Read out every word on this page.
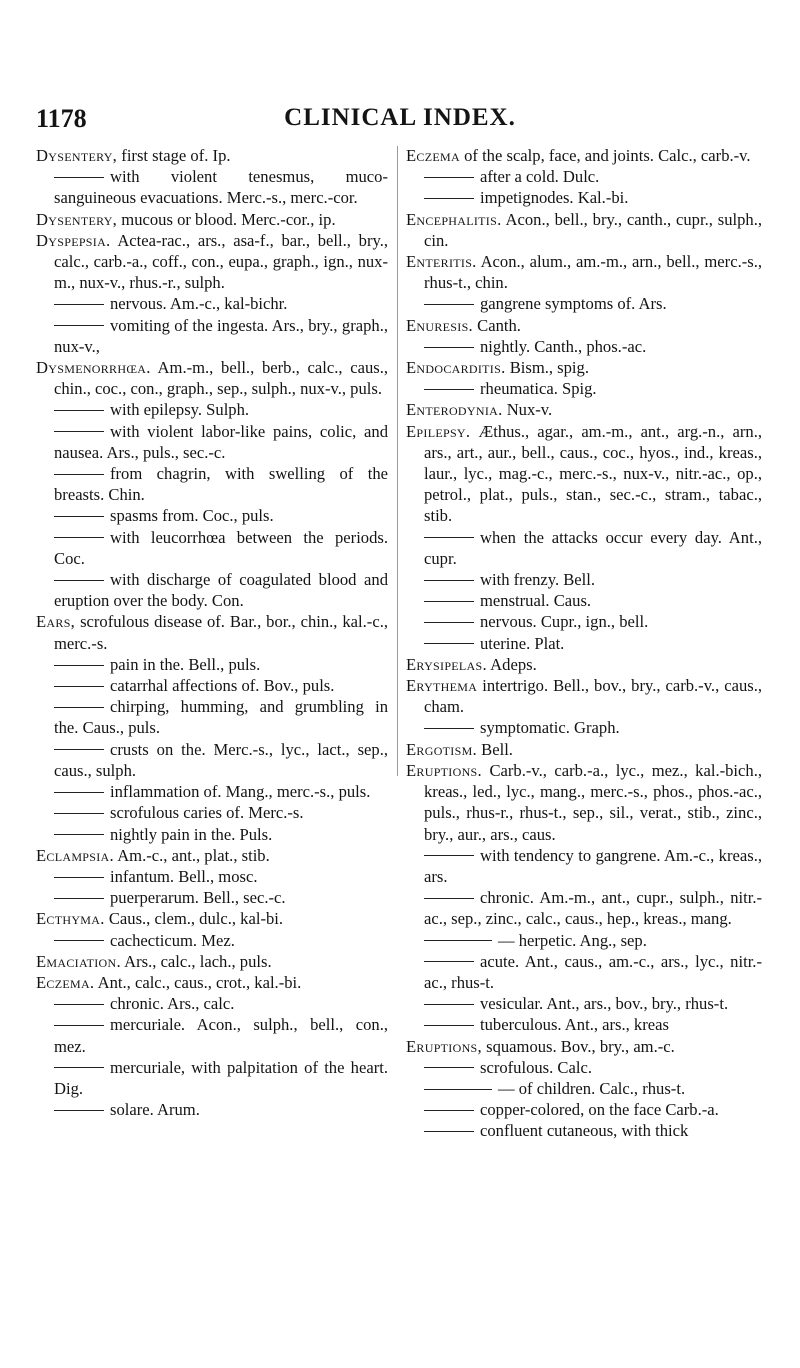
CLINICAL INDEX.
1178
Dysentery, first stage of. Ip.
with violent tenesmus, muco-sanguineous evacuations. Merc.-s., merc.-cor.
Dysentery, mucous or blood. Merc.-cor., ip.
Dyspepsia. Actea-rac., ars., asa-f., bar., bell., bry., calc., carb.-a., coff., con., eupa., graph., ign., nux-m., nux-v., rhus.-r., sulph.
nervous. Am.-c., kal-bichr.
vomiting of the ingesta. Ars., bry., graph., nux-v.,
Dysmenorrhœa. Am.-m., bell., berb., calc., caus., chin., coc., con., graph., sep., sulph., nux-v., puls.
with epilepsy. Sulph.
with violent labor-like pains, colic, and nausea. Ars., puls., sec.-c.
from chagrin, with swelling of the breasts. Chin.
spasms from. Coc., puls.
with leucorrhœa between the periods. Coc.
with discharge of coagulated blood and eruption over the body. Con.
Ears, scrofulous disease of. Bar., bor., chin., kal.-c., merc.-s.
pain in the. Bell., puls.
catarrhal affections of. Bov., puls.
chirping, humming, and grumbling in the. Caus., puls.
crusts on the. Merc.-s., lyc., lact., sep., caus., sulph.
inflammation of. Mang., merc.-s., puls.
scrofulous caries of. Merc.-s.
nightly pain in the. Puls.
Eclampsia. Am.-c., ant., plat., stib.
infantum. Bell., mosc.
puerperarum. Bell., sec.-c.
Ecthyma. Caus., clem., dulc., kal-bi.
cachecticum. Mez.
Emaciation. Ars., calc., lach., puls.
Eczema. Ant., calc., caus., crot., kal.-bi.
chronic. Ars., calc.
mercuriale. Acon., sulph., bell., con., mez.
mercuriale, with palpitation of the heart. Dig.
solare. Arum.
Eczema of the scalp, face, and joints. Calc., carb.-v.
after a cold. Dulc.
impetignodes. Kal.-bi.
Encephalitis. Acon., bell., bry., canth., cupr., sulph., cin.
Enteritis. Acon., alum., am.-m., arn., bell., merc.-s., rhus-t., chin.
gangrene symptoms of. Ars.
Enuresis. Canth.
nightly. Canth., phos.-ac.
Endocarditis. Bism., spig.
rheumatica. Spig.
Enterodynia. Nux-v.
Epilepsy. Æthus., agar., am.-m., ant., arg.-n., arn., ars., art., aur., bell., caus., coc., hyos., ind., kreas., laur., lyc., mag.-c., merc.-s., nux-v., nitr.-ac., op., petrol., plat., puls., stan., sec.-c., stram., tabac., stib.
when the attacks occur every day. Ant., cupr.
with frenzy. Bell.
menstrual. Caus.
nervous. Cupr., ign., bell.
uterine. Plat.
Erysipelas. Adeps.
Erythema intertrigo. Bell., bov., bry., carb.-v., caus., cham.
symptomatic. Graph.
Ergotism. Bell.
Eruptions. Carb.-v., carb.-a., lyc., mez., kal.-bich., kreas., led., lyc., mang., merc.-s., phos., phos.-ac., puls., rhus-r., rhus-t., sep., sil., verat., stib., zinc., bry., aur., ars., caus.
with tendency to gangrene. Am.-c., kreas., ars.
chronic. Am.-m., ant., cupr., sulph., nitr.-ac., sep., zinc., calc., caus., hep., kreas., mang.
— herpetic. Ang., sep.
acute. Ant., caus., am.-c., ars., lyc., nitr.-ac., rhus-t.
vesicular. Ant., ars., bov., bry., rhus-t.
tuberculous. Ant., ars., kreas
Eruptions, squamous. Bov., bry., am.-c.
scrofulous. Calc.
— of children. Calc., rhus-t.
copper-colored, on the face Carb.-a.
confluent cutaneous, with thick
